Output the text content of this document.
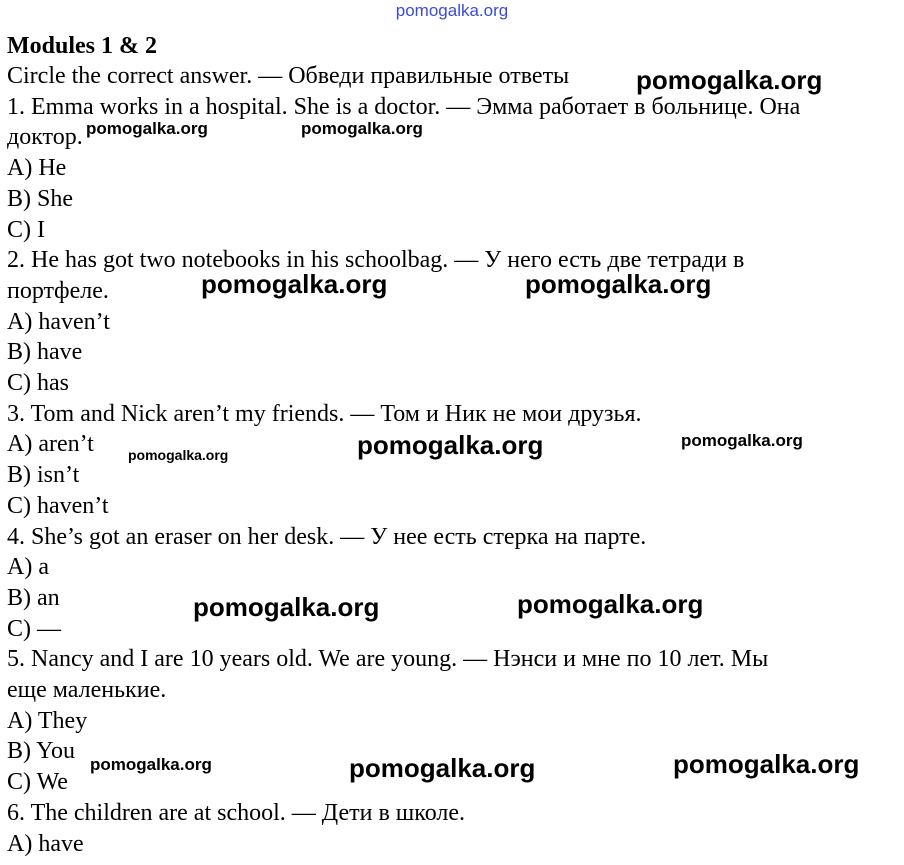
pomogalka.org
Modules 1 & 2
Circle the correct answer. — Обведи правильные ответы
1. Emma works in a hospital. She is a doctor. — Эмма работает в больнице. Она
доктор.
A) He
B) She
C) I
2. He has got two notebooks in his schoolbag. — У него есть две тетради в
портфеле.
A) haven’t
B) have
C) has
3. Tom and Nick aren’t my friends. — Том и Ник не мои друзья.
A) aren’t
B) isn’t
C) haven’t
4. She’s got an eraser on her desk. — У нее есть стерка на парте.
A) a
B) an
C) —
5. Nancy and I are 10 years old. We are young. — Нэнси и мне по 10 лет. Мы
еще маленькие.
A) They
B) You
C) We
6. The children are at school. — Дети в школе.
A) have
pomogalka.org
pomogalka.org	pomogalka.org
pomogalka.org	pomogalka.org
pomogalka.org	pomogalka.org
pomogalka.org
pomogalka.org	pomogalka.org
pomogalka.org	pomogalka.org	pomogalka.org
